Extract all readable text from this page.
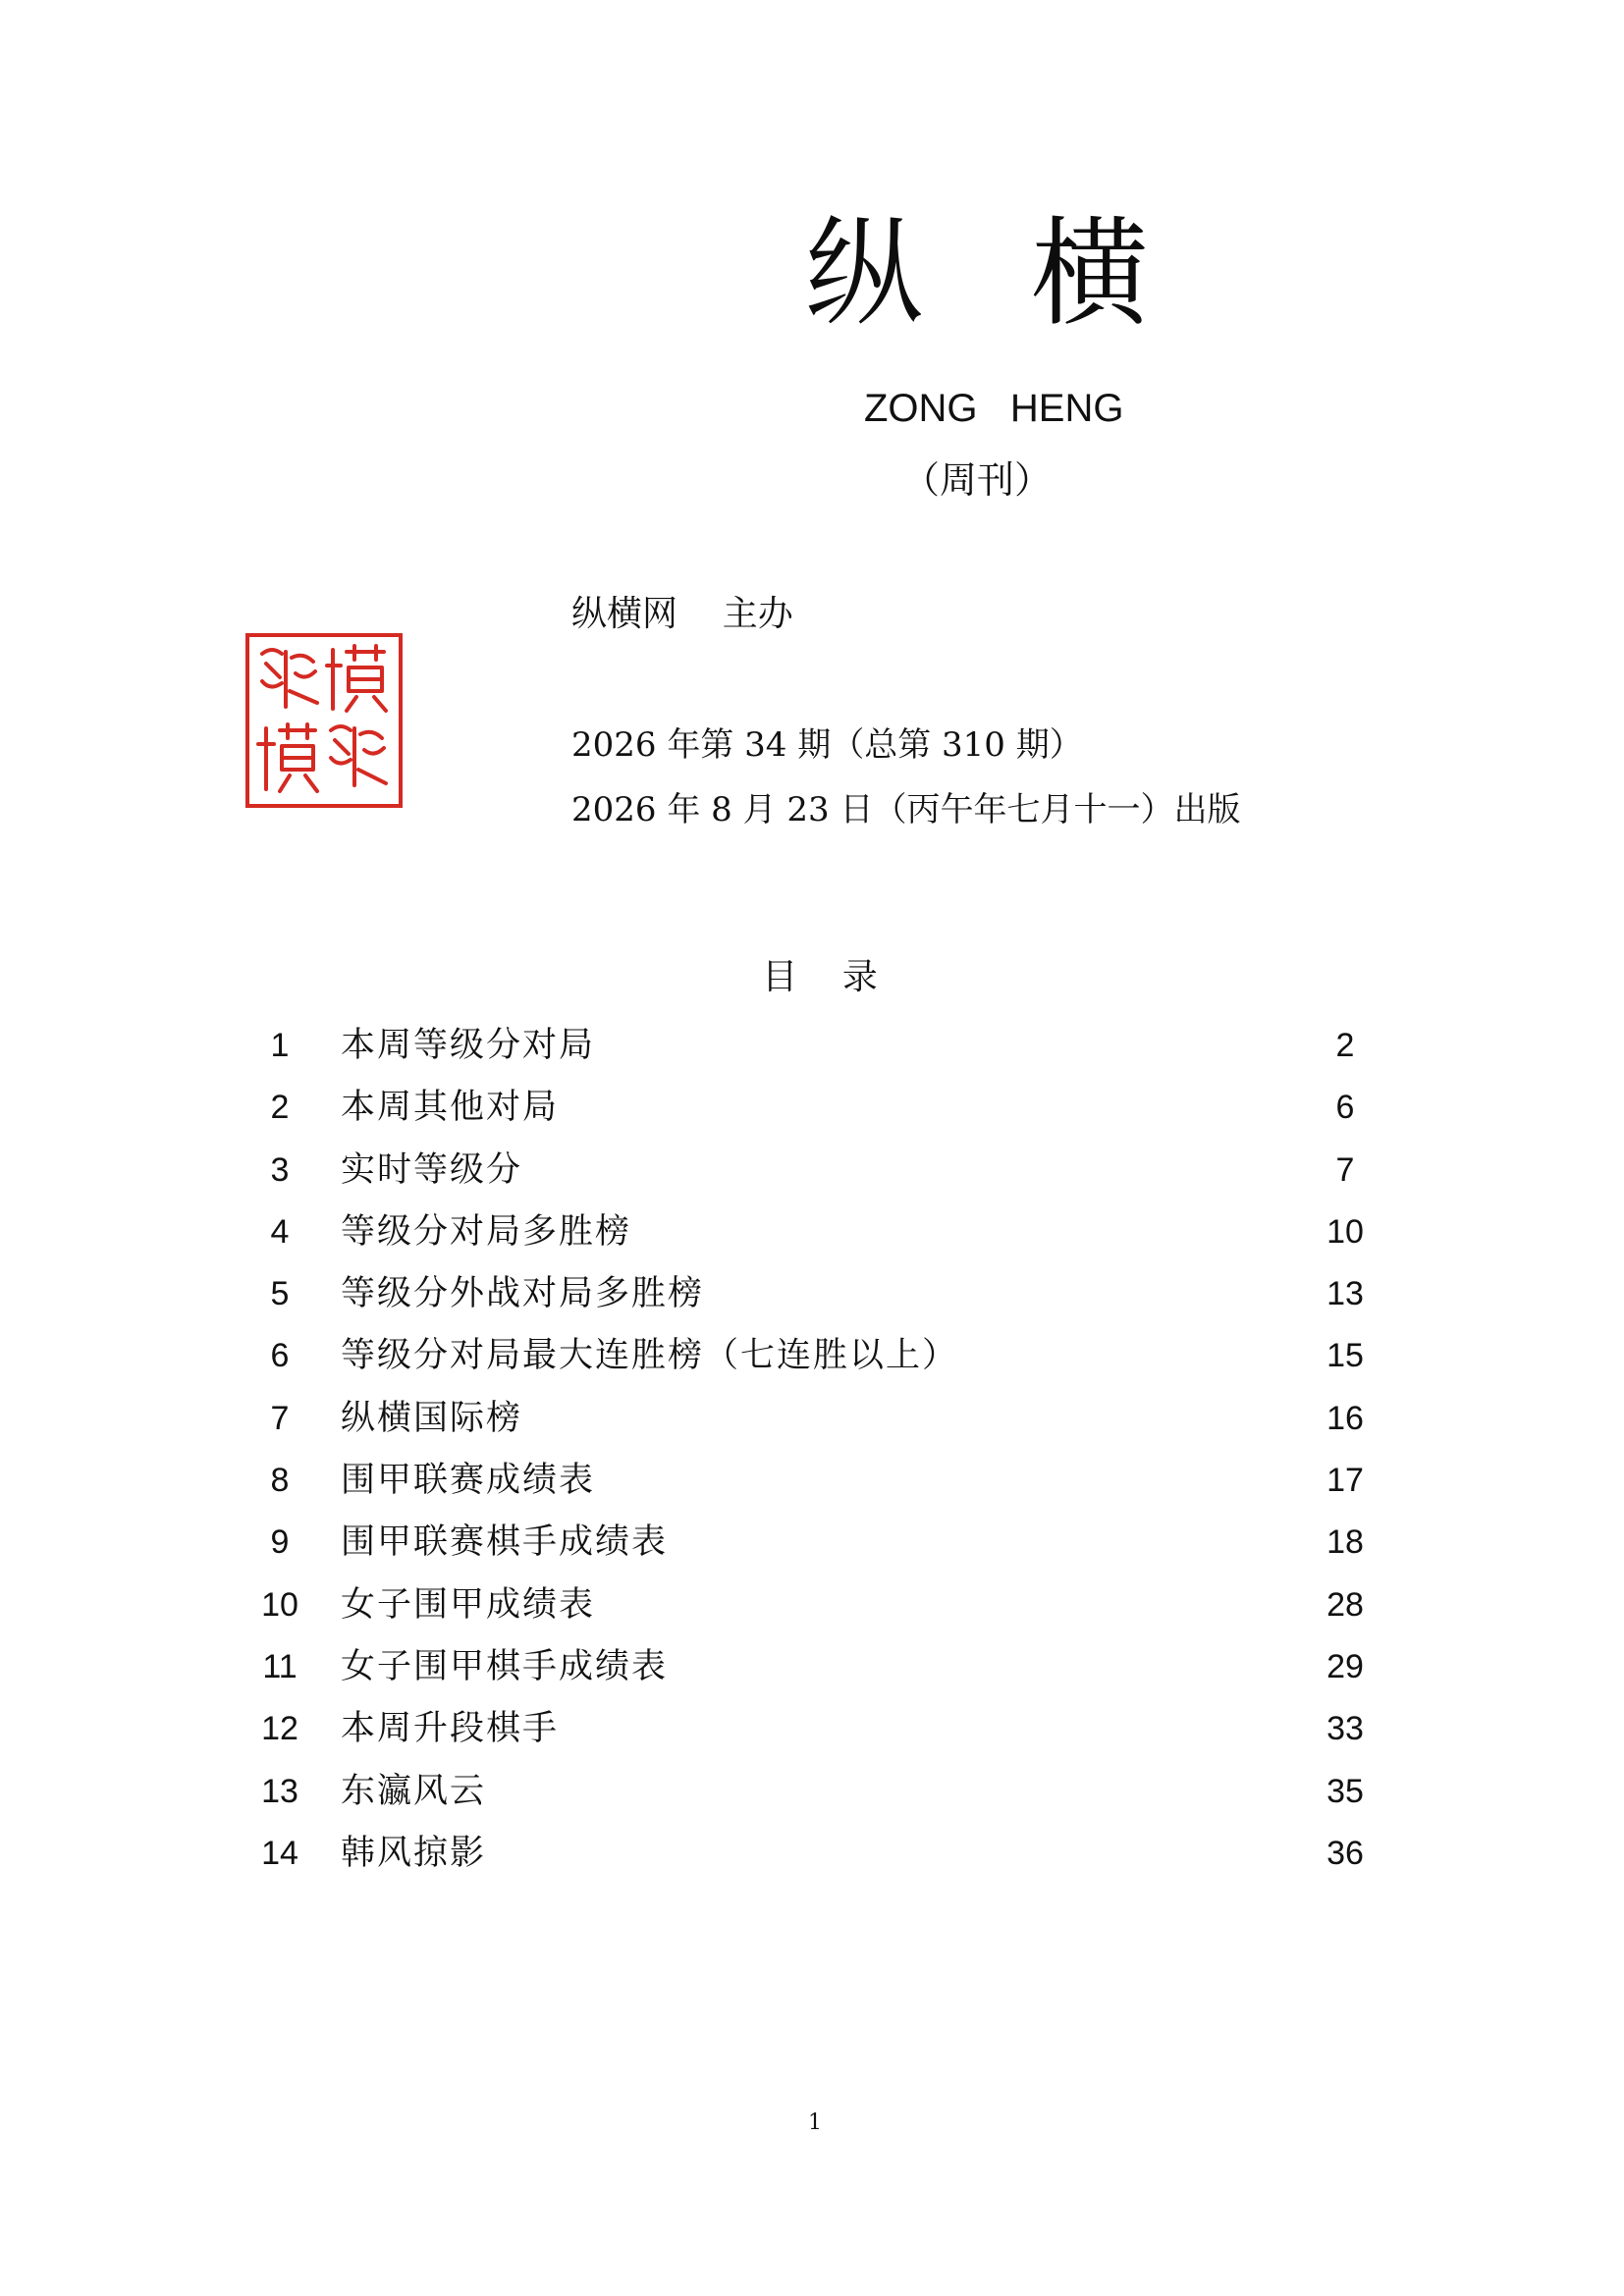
纵横
ZONG   HENG
（周刊）
纵横网    主办
2026 年第 34 期（总第 310 期）
2026 年 8 月 23 日（丙午年七月十一）出版
目    录
1	本周等级分对局	2
2	本周其他对局	6
3	实时等级分	7
4	等级分对局多胜榜	10
5	等级分外战对局多胜榜	13
6	等级分对局最大连胜榜（七连胜以上）	15
7	纵横国际榜	16
8	围甲联赛成绩表	17
9	围甲联赛棋手成绩表	18
10	女子围甲成绩表	28
11	女子围甲棋手成绩表	29
12	本周升段棋手	33
13	东瀛风云	35
14	韩风掠影	36
1
